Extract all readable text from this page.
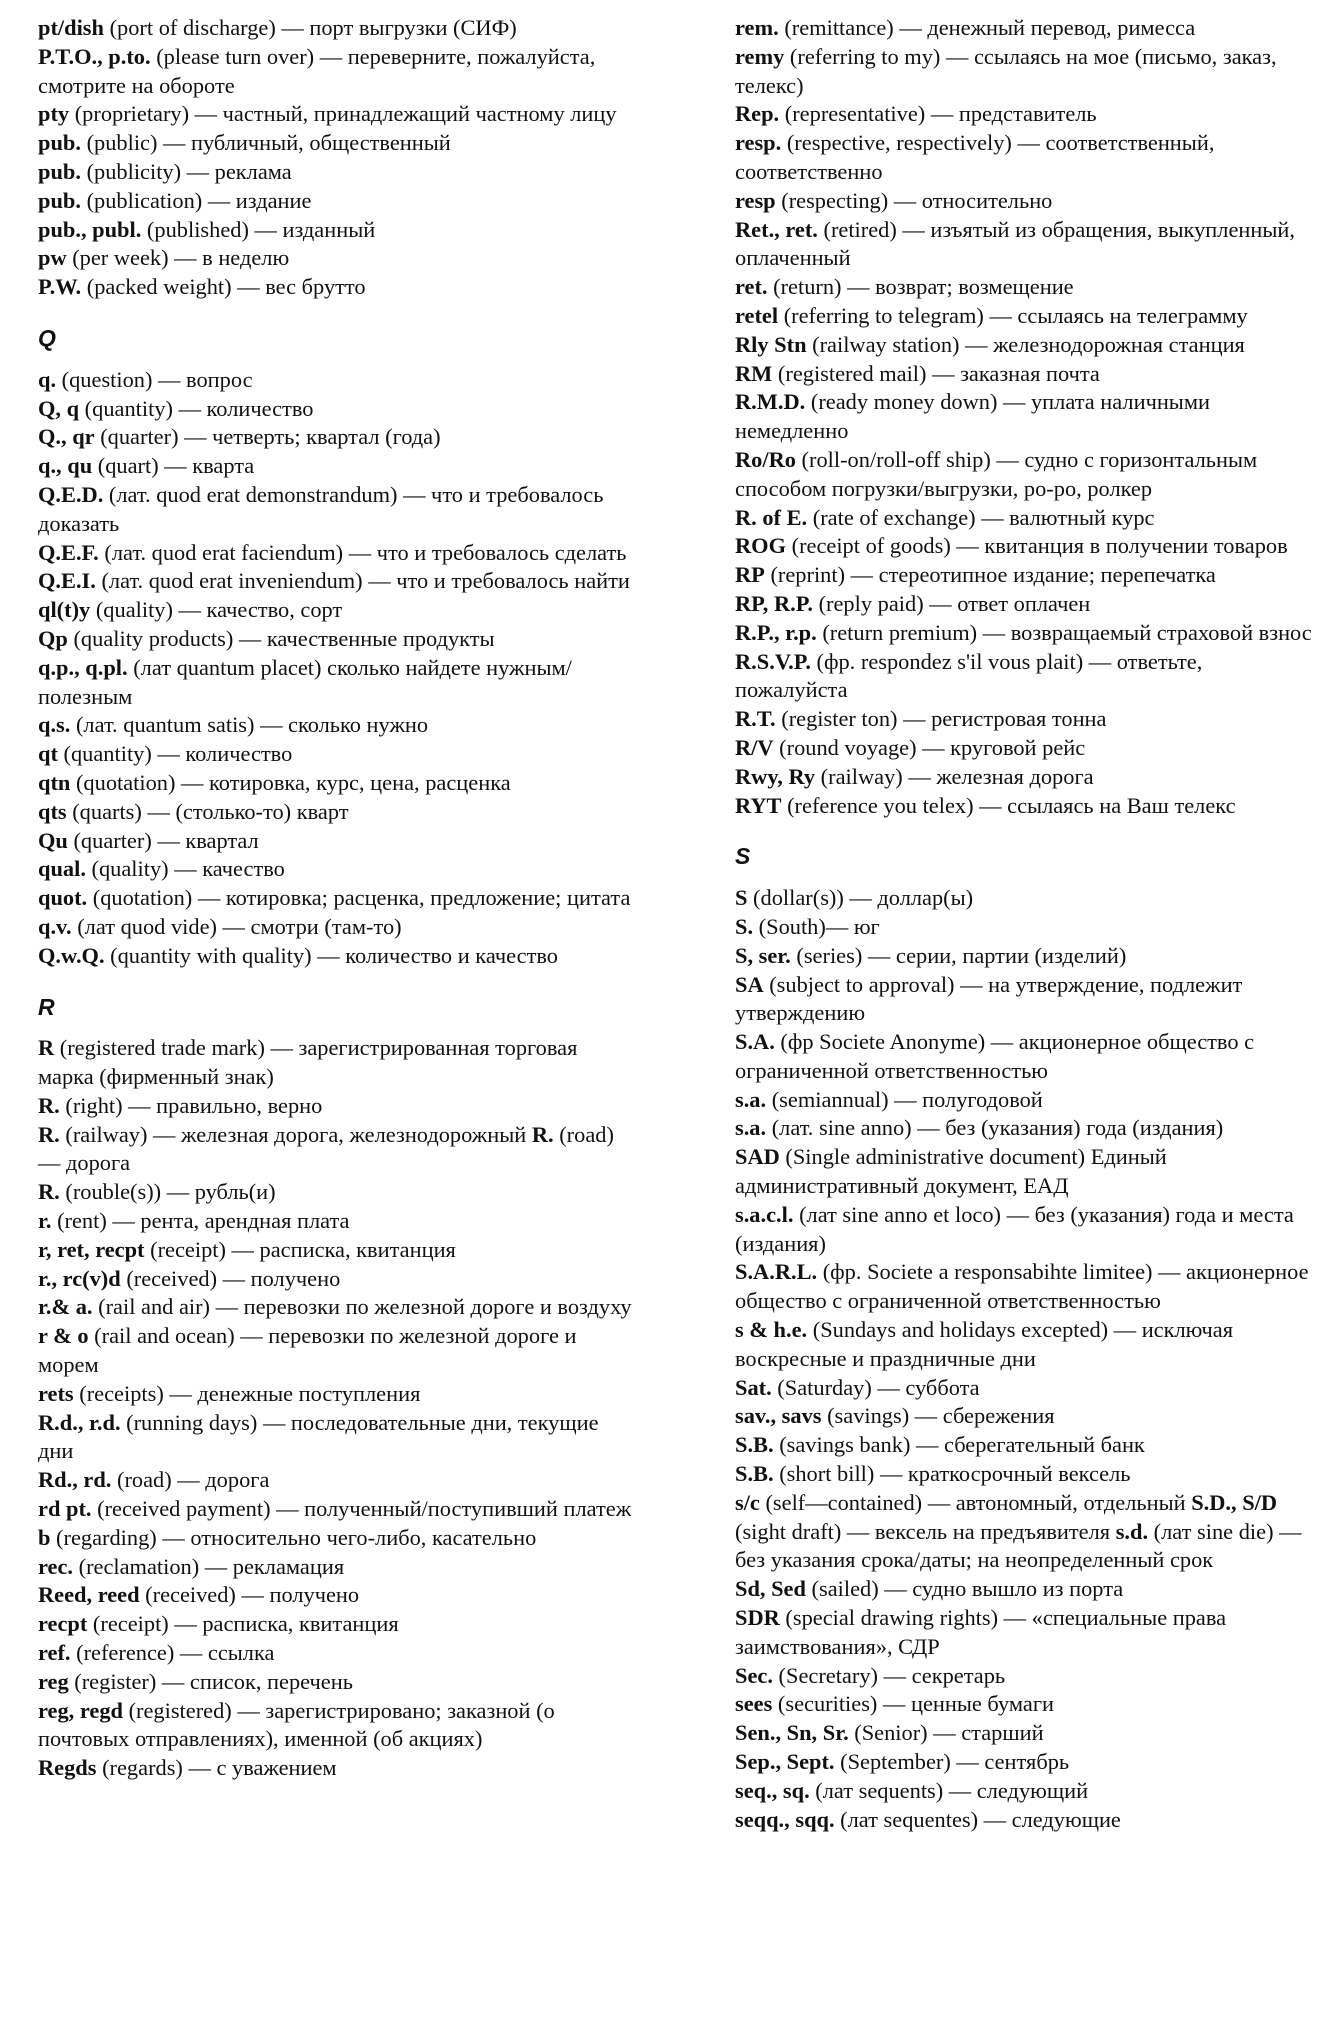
pt/dish (port of discharge) — порт выгрузки (СИФ)

P.T.O., p.to. (please turn over) — переверните, пожалуйста, смотрите на обороте

pty (proprietary) — частный, принадлежащий частному лицу

pub. (public) — публичный, общественный

pub. (publicity) — реклама

pub. (publication) — издание

pub., publ. (published) — изданный

pw (per week) — в неделю

P.W. (packed weight) — вес брутто

Q

q. (question) — вопрос

Q, q (quantity) — количество

Q., qr (quarter) — четверть; квартал (года)

q., qu (quart) — кварта

Q.E.D. (лат. quod erat demonstrandum) — что и требовалось доказать

Q.E.F. (лат. quod erat faciendum) — что и требовалось сделать

Q.E.I. (лат. quod erat inveniendum) — что и требовалось найти

ql(t)y (quality) — качество, сорт

Qp (quality products) — качественные продукты

q.p., q.pl. (лат quantum placet) сколько найдете нужным/полезным

q.s. (лат. quantum satis) — сколько нужно

qt (quantity) — количество

qtn (quotation) — котировка, курс, цена, расценка

qts (quarts) — (столько-то) кварт

Qu (quarter) — квартал

qual. (quality) — качество

quot. (quotation) — котировка; расценка, предложение; цитата

q.v. (лат quod vide) — смотри (там-то)

Q.w.Q. (quantity with quality) — количество и качество

R

R (registered trade mark) — зарегистрированная торговая марка (фирменный знак)

R. (right) — правильно, верно

R. (railway) — железная дорога, железнодорожный R. (road) — дорога

R. (rouble(s)) — рубль(и)

r. (rent) — рента, арендная плата

r, ret, recpt (receipt) — расписка, квитанция

r., rc(v)d (received) — получено

r.& a. (rail and air) — перевозки по железной дороге и воздуху

r & o (rail and ocean) — перевозки по железной дороге и морем

rets (receipts) — денежные поступления

R.d., r.d. (running days) — последовательные дни, текущие дни

Rd., rd. (road) — дорога

rd pt. (received payment) — полученный/поступивший платеж

b (regarding) — относительно чего-либо, касательно

rec. (reclamation) — рекламация

Reed, reed (received) — получено

recpt (receipt) — расписка, квитанция

ref. (reference) — ссылка

reg (register) — список, перечень

reg, regd (registered) — зарегистрировано; заказной (о почтовых отправлениях), именной (об акциях)

Regds (regards) — с уважением

rem. (remittance) — денежный перевод, римесса

remy (referring to my) — ссылаясь на мое (письмо, заказ, телекс)

Rep. (representative) — представитель

resp. (respective, respectively) — соответственный, соответственно

resp (respecting) — относительно

Ret., ret. (retired) — изъятый из обращения, выкупленный, оплаченный

ret. (return) — возврат; возмещение

retel (referring to telegram) — ссылаясь на телеграмму

Rly Stn (railway station) — железнодорожная станция

RM (registered mail) — заказная почта

R.M.D. (ready money down) — уплата наличными немедленно

Ro/Ro (roll-on/roll-off ship) — судно с горизонтальным способом погрузки/выгрузки, ро-ро, ролкер

R. of E. (rate of exchange) — валютный курс

ROG (receipt of goods) — квитанция в получении товаров

RP (reprint) — стереотипное издание; перепечатка

RP, R.P. (reply paid) — ответ оплачен

R.P., r.p. (return premium) — возвращаемый страховой взнос

R.S.V.P. (фр. respondez s'il vous plait) — ответьте, пожалуйста

R.T. (register ton) — регистровая тонна

R/V (round voyage) — круговой рейс

Rwy, Ry (railway) — железная дорога

RYT (reference you telex) — ссылаясь на Ваш телекс

S

S (dollar(s)) — доллар(ы)

S. (South)— юг

S, ser. (series) — серии, партии (изделий)

SA (subject to approval) — на утверждение, подлежит утверждению

S.A. (фр Societe Anonyme) — акционерное общество с ограниченной ответственностью

s.a. (semiannual) — полугодовой

s.a. (лат. sine anno) — без (указания) года (издания)

SAD (Single administrative document) Единый административный документ, ЕАД

s.a.c.l. (лат sine anno et loco) — без (указания) года и места (издания)

S.A.R.L. (фр. Societe a responsabihte limitee) — акционерное общество с ограниченной ответственностью

s & h.e. (Sundays and holidays excepted) — исключая воскресные и праздничные дни

Sat. (Saturday) — суббота

sav., savs (savings) — сбережения

S.B. (savings bank) — сберегательный банк

S.B. (short bill) — краткосрочный вексель

s/c (self—contained) — автономный, отдельный S.D., S/D (sight draft) — вексель на предъявителя s.d. (лат sine die) — без указания срока/даты; на неопределенный срок

Sd, Sed (sailed) — судно вышло из порта

SDR (special drawing rights) — «специальные права заимствования», СДР

Sec. (Secretary) — секретарь

sees (securities) — ценные бумаги

Sen., Sn, Sr. (Senior) — старший

Sep., Sept. (September) — сентябрь

seq., sq. (лат sequents) — следующий

seqq., sqq. (лат sequentes) — следующие
